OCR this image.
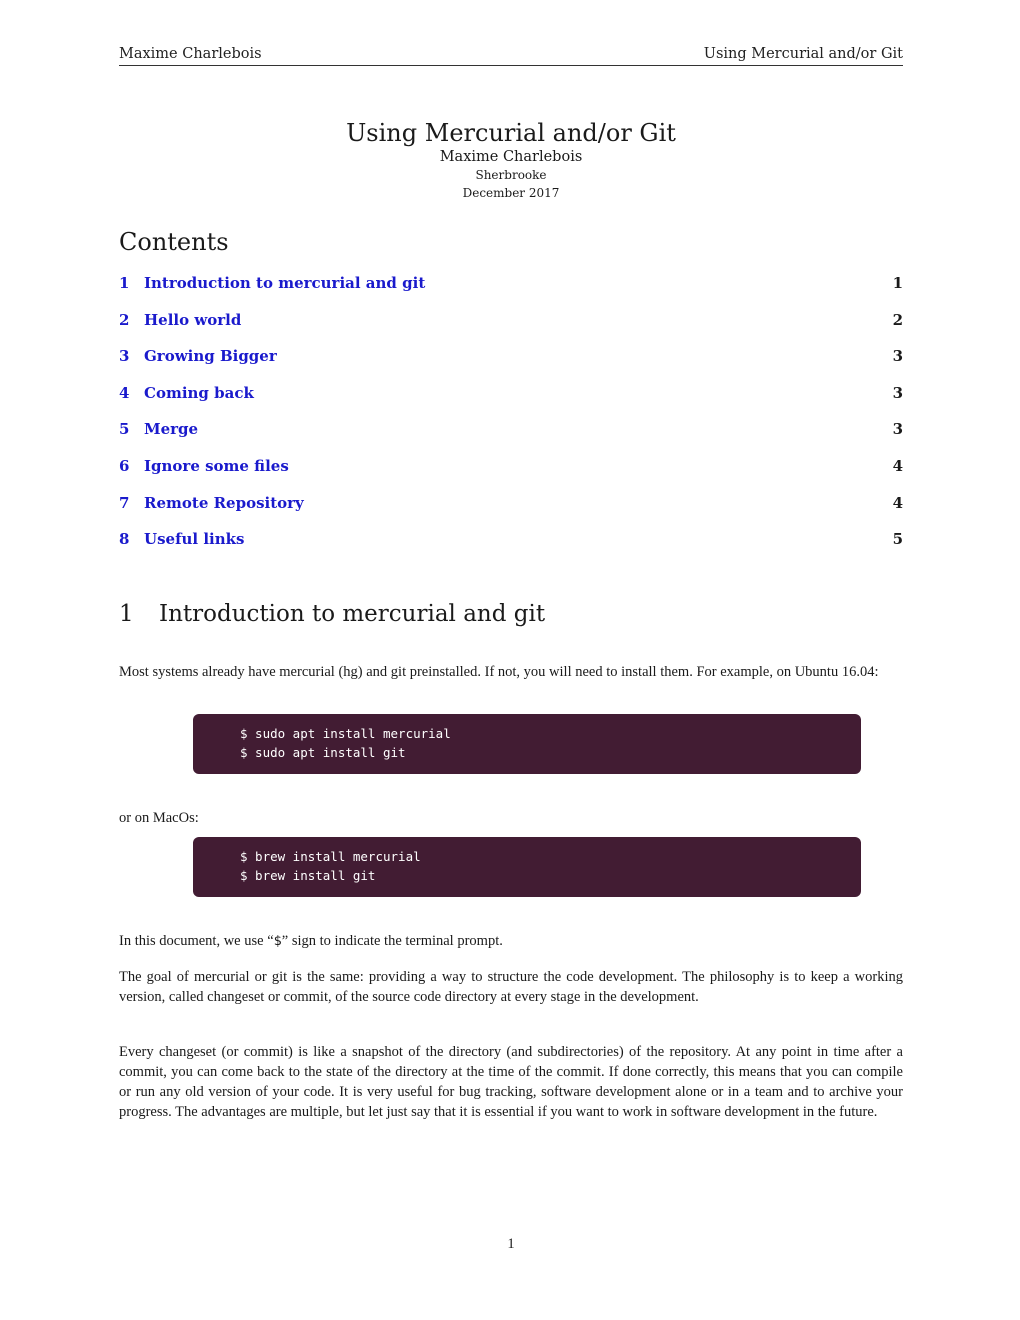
Maxime Charlebois	Using Mercurial and/or Git
Using Mercurial and/or Git
Maxime Charlebois
Sherbrooke
December 2017
Contents
1 Introduction to mercurial and git	1
2 Hello world	2
3 Growing Bigger	3
4 Coming back	3
5 Merge	3
6 Ignore some files	4
7 Remote Repository	4
8 Useful links	5
1	Introduction to mercurial and git

Most systems already have mercurial (hg) and git preinstalled. If not, you will need to install them. For example, on Ubuntu 16.04:

$ sudo apt install mercurial
$ sudo apt install git

or on MacOs:

$ brew install mercurial
$ brew install git

In this document, we use “$” sign to indicate the terminal prompt.

The goal of mercurial or git is the same: providing a way to structure the code development. The philosophy is to keep a working version, called changeset or commit, of the source code directory at every stage in the development.

Every changeset (or commit) is like a snapshot of the directory (and subdirectories) of the repository. At any point in time after a commit, you can come back to the state of the directory at the time of the commit. If done correctly, this means that you can compile or run any old version of your code. It is very useful for bug tracking, software development alone or in a team and to archive your progress. The advantages are multiple, but let just say that it is essential if you want to work in software development in the future.

1
